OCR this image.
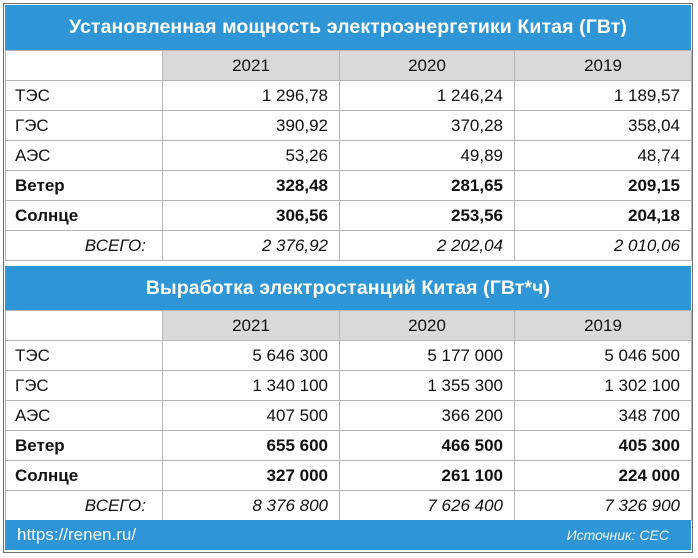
Установленная мощность электроэнергетики Китая (ГВт)
	2021	2020	2019
ТЭС	1 296,78	1 246,24	1 189,57
ГЭС	390,92	370,28	358,04
АЭС	53,26	49,89	48,74
Ветер	328,48	281,65	209,15
Солнце	306,56	253,56	204,18
ВСЕГО:	2 376,92	2 202,04	2 010,06
Выработка электростанций Китая (ГВт*ч)
	2021	2020	2019
ТЭС	5 646 300	5 177 000	5 046 500
ГЭС	1 340 100	1 355 300	1 302 100
АЭС	407 500	366 200	348 700
Ветер	655 600	466 500	405 300
Солнце	327 000	261 100	224 000
ВСЕГО:	8 376 800	7 626 400	7 326 900
https://renen.ru/	Источник: CEC
